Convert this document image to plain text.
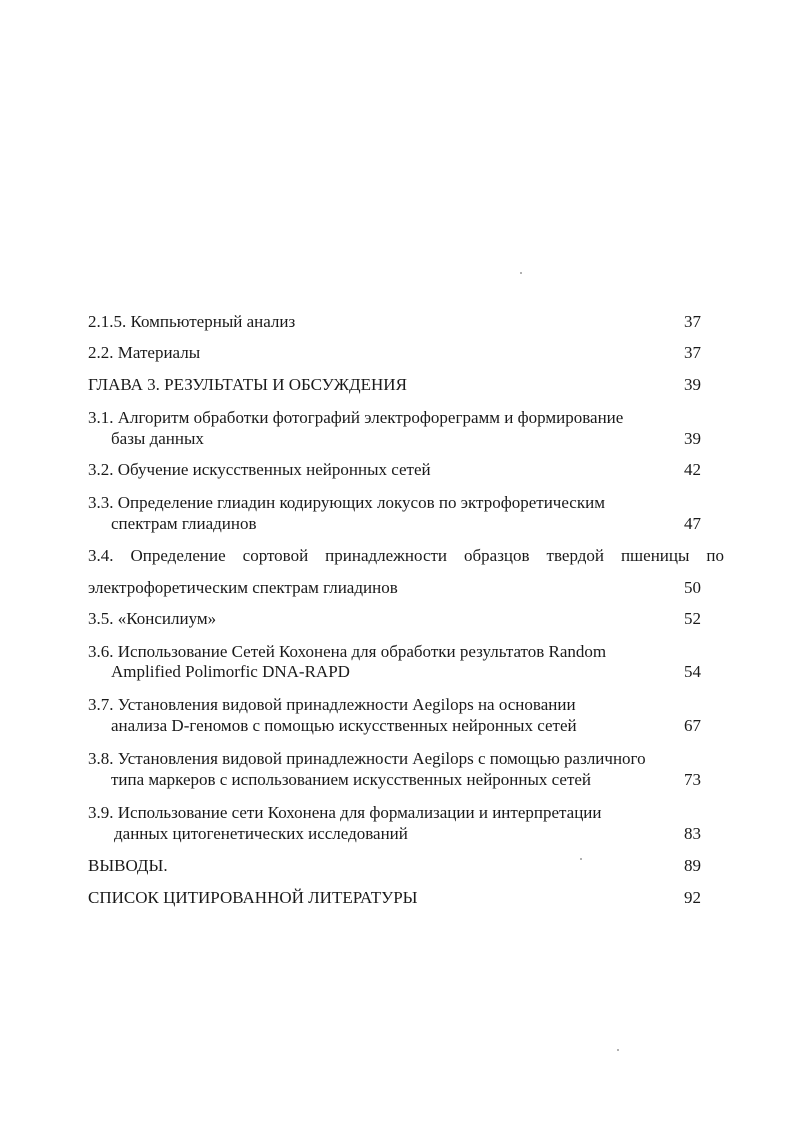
2.1.5. Компьютерный анализ	37
2.2. Материалы	37
ГЛАВА 3. РЕЗУЛЬТАТЫ И ОБСУЖДЕНИЯ	39
3.1. Алгоритм обработки фотографий электрофореграмм и формирование
базы данных	39
3.2. Обучение искусственных нейронных сетей	42
3.3. Определение глиадин кодирующих локусов по эктрофоретическим
спектрам глиадинов	47
3.4. Определение сортовой принадлежности образцов твердой пшеницы по
электрофоретическим спектрам глиадинов	50
3.5. «Консилиум»	52
3.6. Использование Сетей Кохонена для обработки результатов Random
Amplified Polimorfic DNA-RAPD	54
3.7. Установления видовой принадлежности Aegilops на основании
анализа D-геномов с помощью искусственных нейронных сетей	67
3.8. Установления видовой принадлежности Aegilops с помощью различного
типа маркеров с использованием искусственных нейронных сетей	73
3.9. Использование сети Кохонена для формализации и интерпретации
данных цитогенетических исследований	83
ВЫВОДЫ.	89
СПИСОК ЦИТИРОВАННОЙ ЛИТЕРАТУРЫ	92
